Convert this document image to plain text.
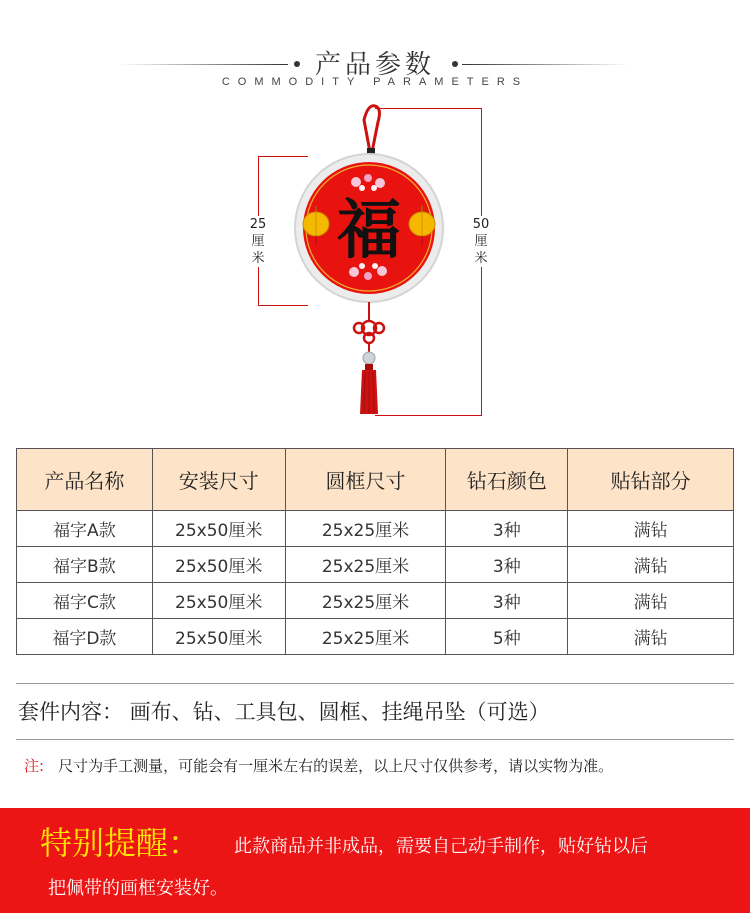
产品参数
COMMODITY PARAMETERS
25
厘
米
50
厘
米
福
产品名称	安装尺寸	圆框尺寸	钻石颜色	贴钻部分
福字A款	25x50厘米	25x25厘米	3种	满钻
福字B款	25x50厘米	25x25厘米	3种	满钻
福字C款	25x50厘米	25x25厘米	3种	满钻
福字D款	25x50厘米	25x25厘米	5种	满钻
套件内容： 画布、钻、工具包、圆框、挂绳吊坠（可选）
注: 尺寸为手工测量，可能会有一厘米左右的误差，以上尺寸仅供参考，请以实物为准。
特别提醒： 此款商品并非成品，需要自己动手制作，贴好钻以后
把佩带的画框安装好。
